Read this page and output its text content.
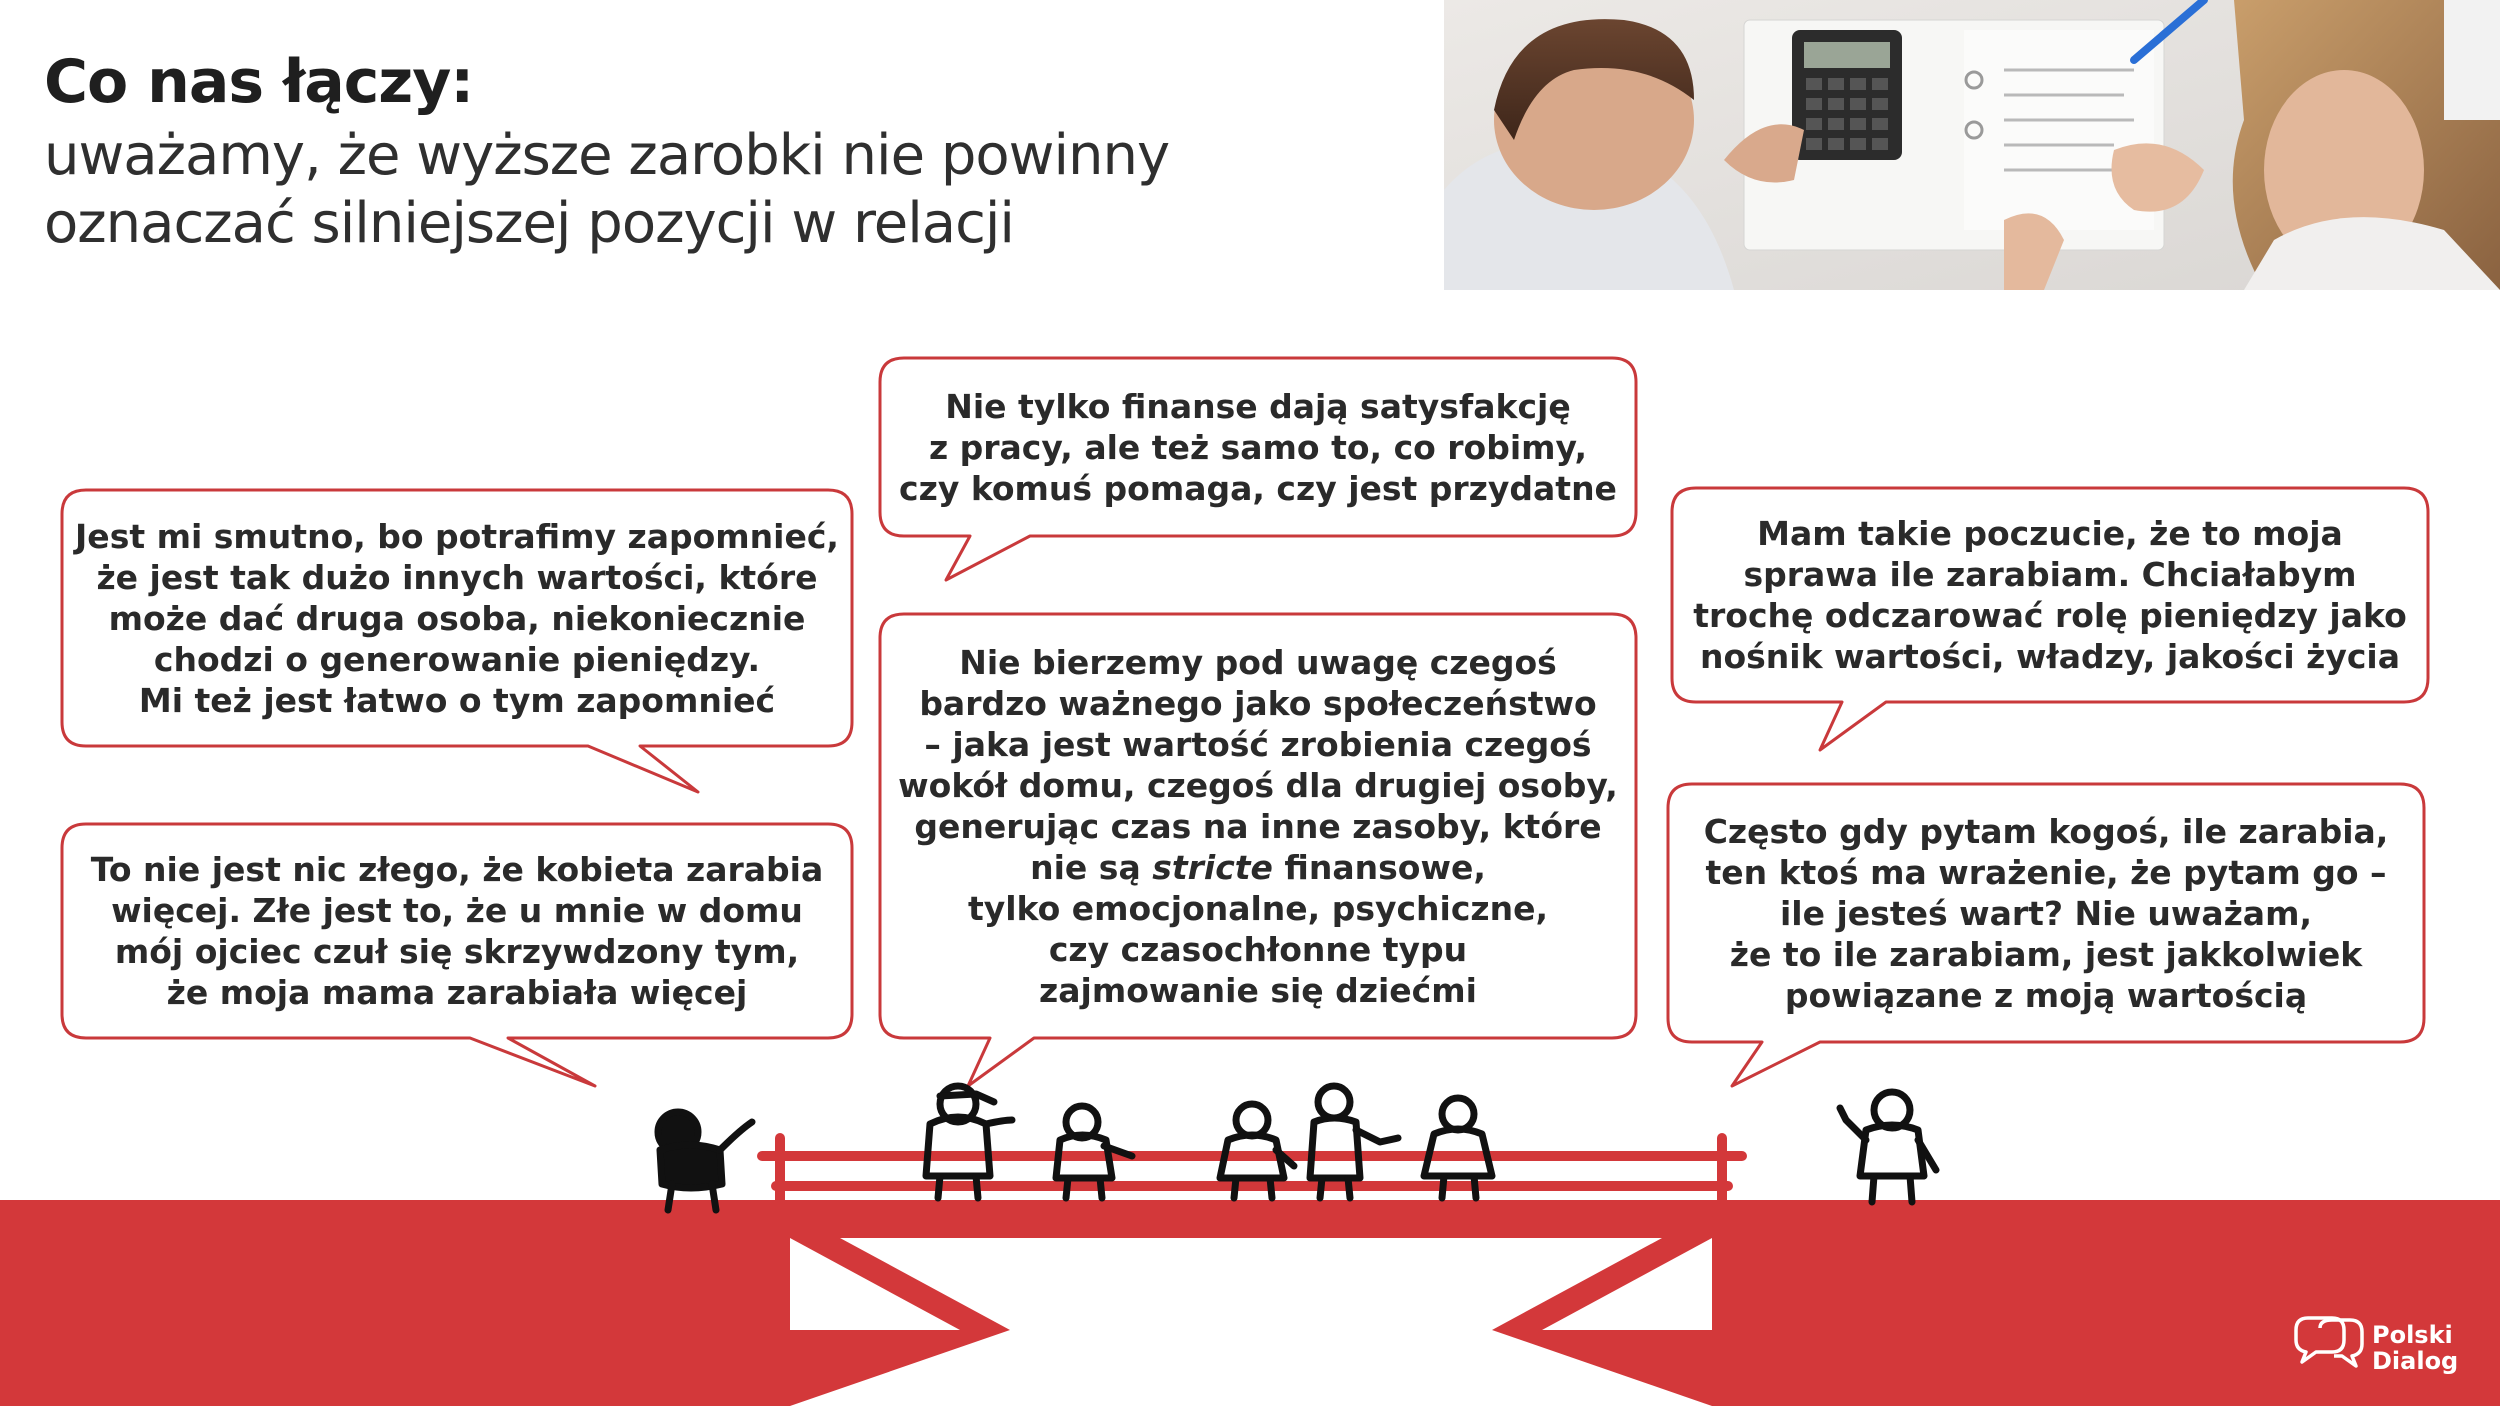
Co nas łączy:
uważamy, że wyższe zarobki nie powinny
oznaczać silniejszej pozycji w relacji
Jest mi smutno, bo potrafimy zapomnieć,
że jest tak dużo innych wartości, które
może dać druga osoba, niekoniecznie
chodzi o generowanie pieniędzy.
Mi też jest łatwo o tym zapomnieć
To nie jest nic złego, że kobieta zarabia
więcej. Złe jest to, że u mnie w domu
mój ojciec czuł się skrzywdzony tym,
że moja mama zarabiała więcej
Nie tylko finanse dają satysfakcję
z pracy, ale też samo to, co robimy,
czy komuś pomaga, czy jest przydatne
Nie bierzemy pod uwagę czegoś
bardzo ważnego jako społeczeństwo
– jaka jest wartość zrobienia czegoś
wokół domu, czegoś dla drugiej osoby,
generując czas na inne zasoby, które
nie są stricte finansowe,
tylko emocjonalne, psychiczne,
czy czasochłonne typu
zajmowanie się dziećmi
Mam takie poczucie, że to moja
sprawa ile zarabiam. Chciałabym
trochę odczarować rolę pieniędzy jako
nośnik wartości, władzy, jakości życia
Często gdy pytam kogoś, ile zarabia,
ten ktoś ma wrażenie, że pytam go –
ile jesteś wart? Nie uważam,
że to ile zarabiam, jest jakkolwiek
powiązane z moją wartością
Polski
Dialog
